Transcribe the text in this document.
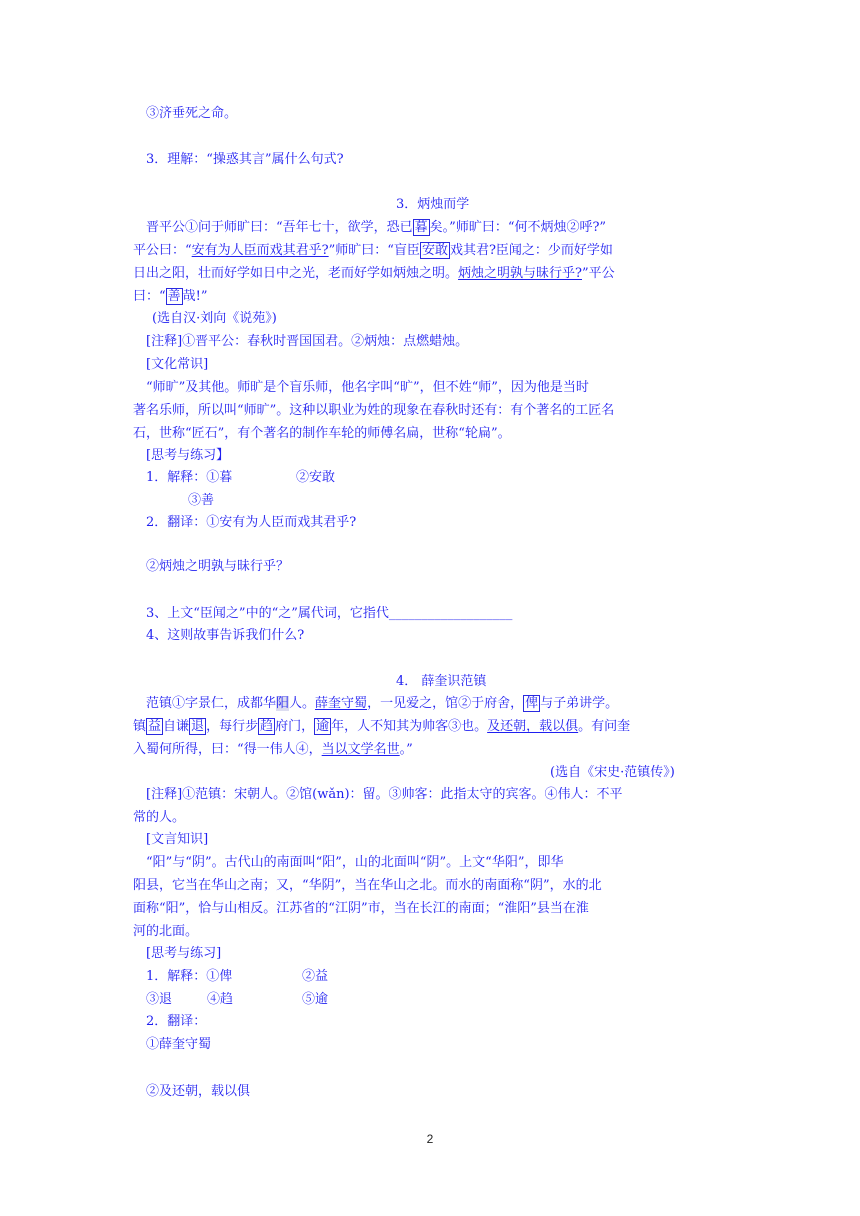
③济垂死之命。
3．理解：“操惑其言”属什么句式?
3．炳烛而学
晋平公①问于师旷曰：“吾年七十，欲学，恐已 暮 矣。”师旷曰：“何不炳烛②呼?”
平公曰：“安有为人臣而戏其君乎?”师旷曰：“盲臣 安敢 戏其君?臣闻之：少而好学如
日出之阳，壮而好学如日中之光，老而好学如炳烛之明。炳烛之明孰与昧行乎?”平公
曰：“ 善 哉!”
(选自汉·刘向《说苑》)
[注释]①晋平公：春秋时晋国国君。②炳烛：点燃蜡烛。
[文化常识]
“师旷”及其他。师旷是个盲乐师，他名字叫“旷”，但不姓“师”，因为他是当时
著名乐师，所以叫“师旷”。这种以职业为姓的现象在春秋时还有：有个著名的工匠名
石，世称“匠石”，有个著名的制作车轮的师傅名扁，世称“轮扁”。
[思考与练习】
1．解释：①暮	②安敢
③善
2．翻译：①安有为人臣而戏其君乎?
②炳烛之明孰与昧行乎？
3、上文“臣闻之”中的“之”属代词，它指代___________________
4、这则故事告诉我们什么?
4． 薛奎识范镇
范镇①字景仁，成都华阳人。薛奎守蜀，一见爱之，馆②于府舍， 俾 与子弟讲学。
镇 益 自谦 退 ，每行步 趋 府门， 逾 年，人不知其为帅客③也。及还朝，载以俱。有问奎
入蜀何所得，曰：“得一伟人④，当以文学名世。”
(选自《宋史·范镇传》)
[注释]①范镇：宋朝人。②馆(wǎn)：留。③帅客：此指太守的宾客。④伟人：不平
常的人。
[文言知识]
“阳”与“阴”。古代山的南面叫“阳”，山的北面叫“阴”。上文“华阳”，即华
阳县，它当在华山之南；又，“华阴”，当在华山之北。而水的南面称“阴”，水的北
面称“阳”，恰与山相反。江苏省的“江阴”市，当在长江的南面；“淮阳”县当在淮
河的北面。
[思考与练习]
1．解释：①俾	②益
③退	④趋	⑤逾
2．翻译：
①薛奎守蜀
②及还朝，载以俱
2
